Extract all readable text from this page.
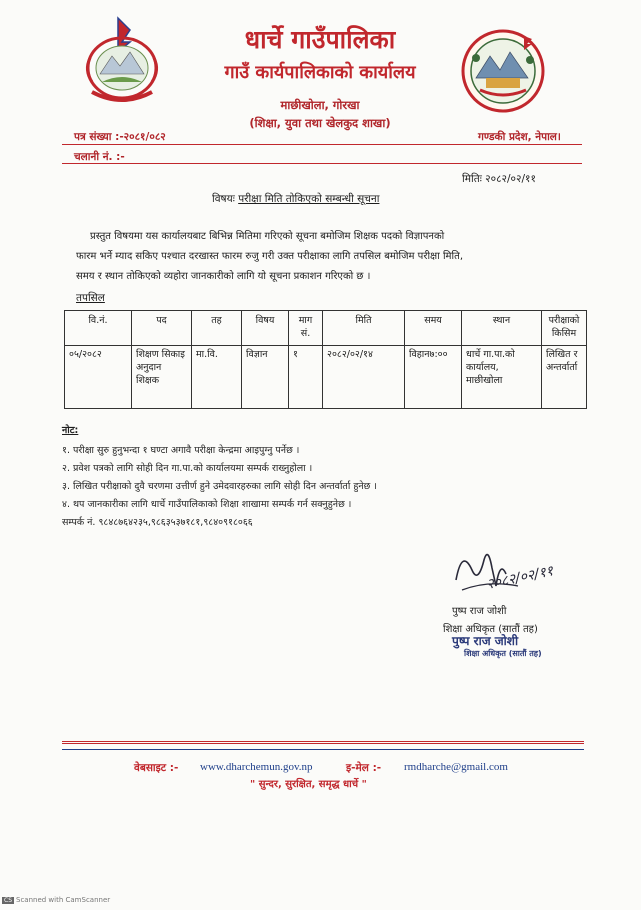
धार्चे गाउँपालिका
गाउँ कार्यपालिकाको कार्यालय
माछीखोला, गोरखा
(शिक्षा, युवा तथा खेलकुद शाखा)
पत्र संख्या :-२०८१/०८२
चलानी नं. :-
गण्डकी प्रदेश, नेपाल।
मितिः २०८२/०२/११
विषयः परीक्षा मिति तोकिएको सम्बन्धी सूचना
प्रस्तुत विषयमा यस कार्यालयबाट बिभिन्न मितिमा गरिएको सूचना बमोजिम शिक्षक पदको विज्ञापनको
फारम भर्ने म्याद सकिए पश्चात दरखास्त फारम रुजु गरी उक्त परीक्षाका लागि तपसिल बमोजिम परीक्षा मिति,
समय र स्थान तोकिएको व्यहोरा जानकारीको लागि यो सूचना प्रकाशन गरिएको छ ।
तपसिल
वि.नं.	पद	तह	विषय	माग सं.	मिति	समय	स्थान	परीक्षाको किसिम
०५/२०८२	शिक्षण सिकाइ अनुदान शिक्षक	मा.वि.	विज्ञान	१	२०८२/०२/१४	विहान७:००	धार्चे गा.पा.को कार्यालय, माछीखोला	लिखित र अन्तर्वार्ता
नोट:
१. परीक्षा सुरु हुनुभन्दा १ घण्टा अगावै परीक्षा केन्द्रमा आइपुग्नु पर्नेछ ।
२. प्रवेश पत्रको लागि सोही दिन गा.पा.को कार्यालयमा सम्पर्क राख्नुहोला ।
३. लिखित परीक्षाको दुवै चरणमा उत्तीर्ण हुने उमेदवारहरुका लागि सोही दिन अन्तर्वार्ता हुनेछ ।
४. थप जानकारीका लागि धार्चे गाउँपालिकाको शिक्षा शाखामा सम्पर्क गर्न सक्नुहुनेछ ।
सम्पर्क नं. ९८४८७६४२३५,९८६३५३७१८१,९८४०९१८०६६
२०८२/०२/११
पुष्प राज जोशी
शिक्षा अधिकृत (सातौं तह)
पुष्प राज जोशी
शिक्षा अधिकृत (सातौं तह)
वेबसाइट :- www.dharchemun.gov.np	इ-मेल :- rmdharche@gmail.com
" सुन्दर, सुरक्षित, समृद्ध धार्चे "
CS Scanned with CamScanner
